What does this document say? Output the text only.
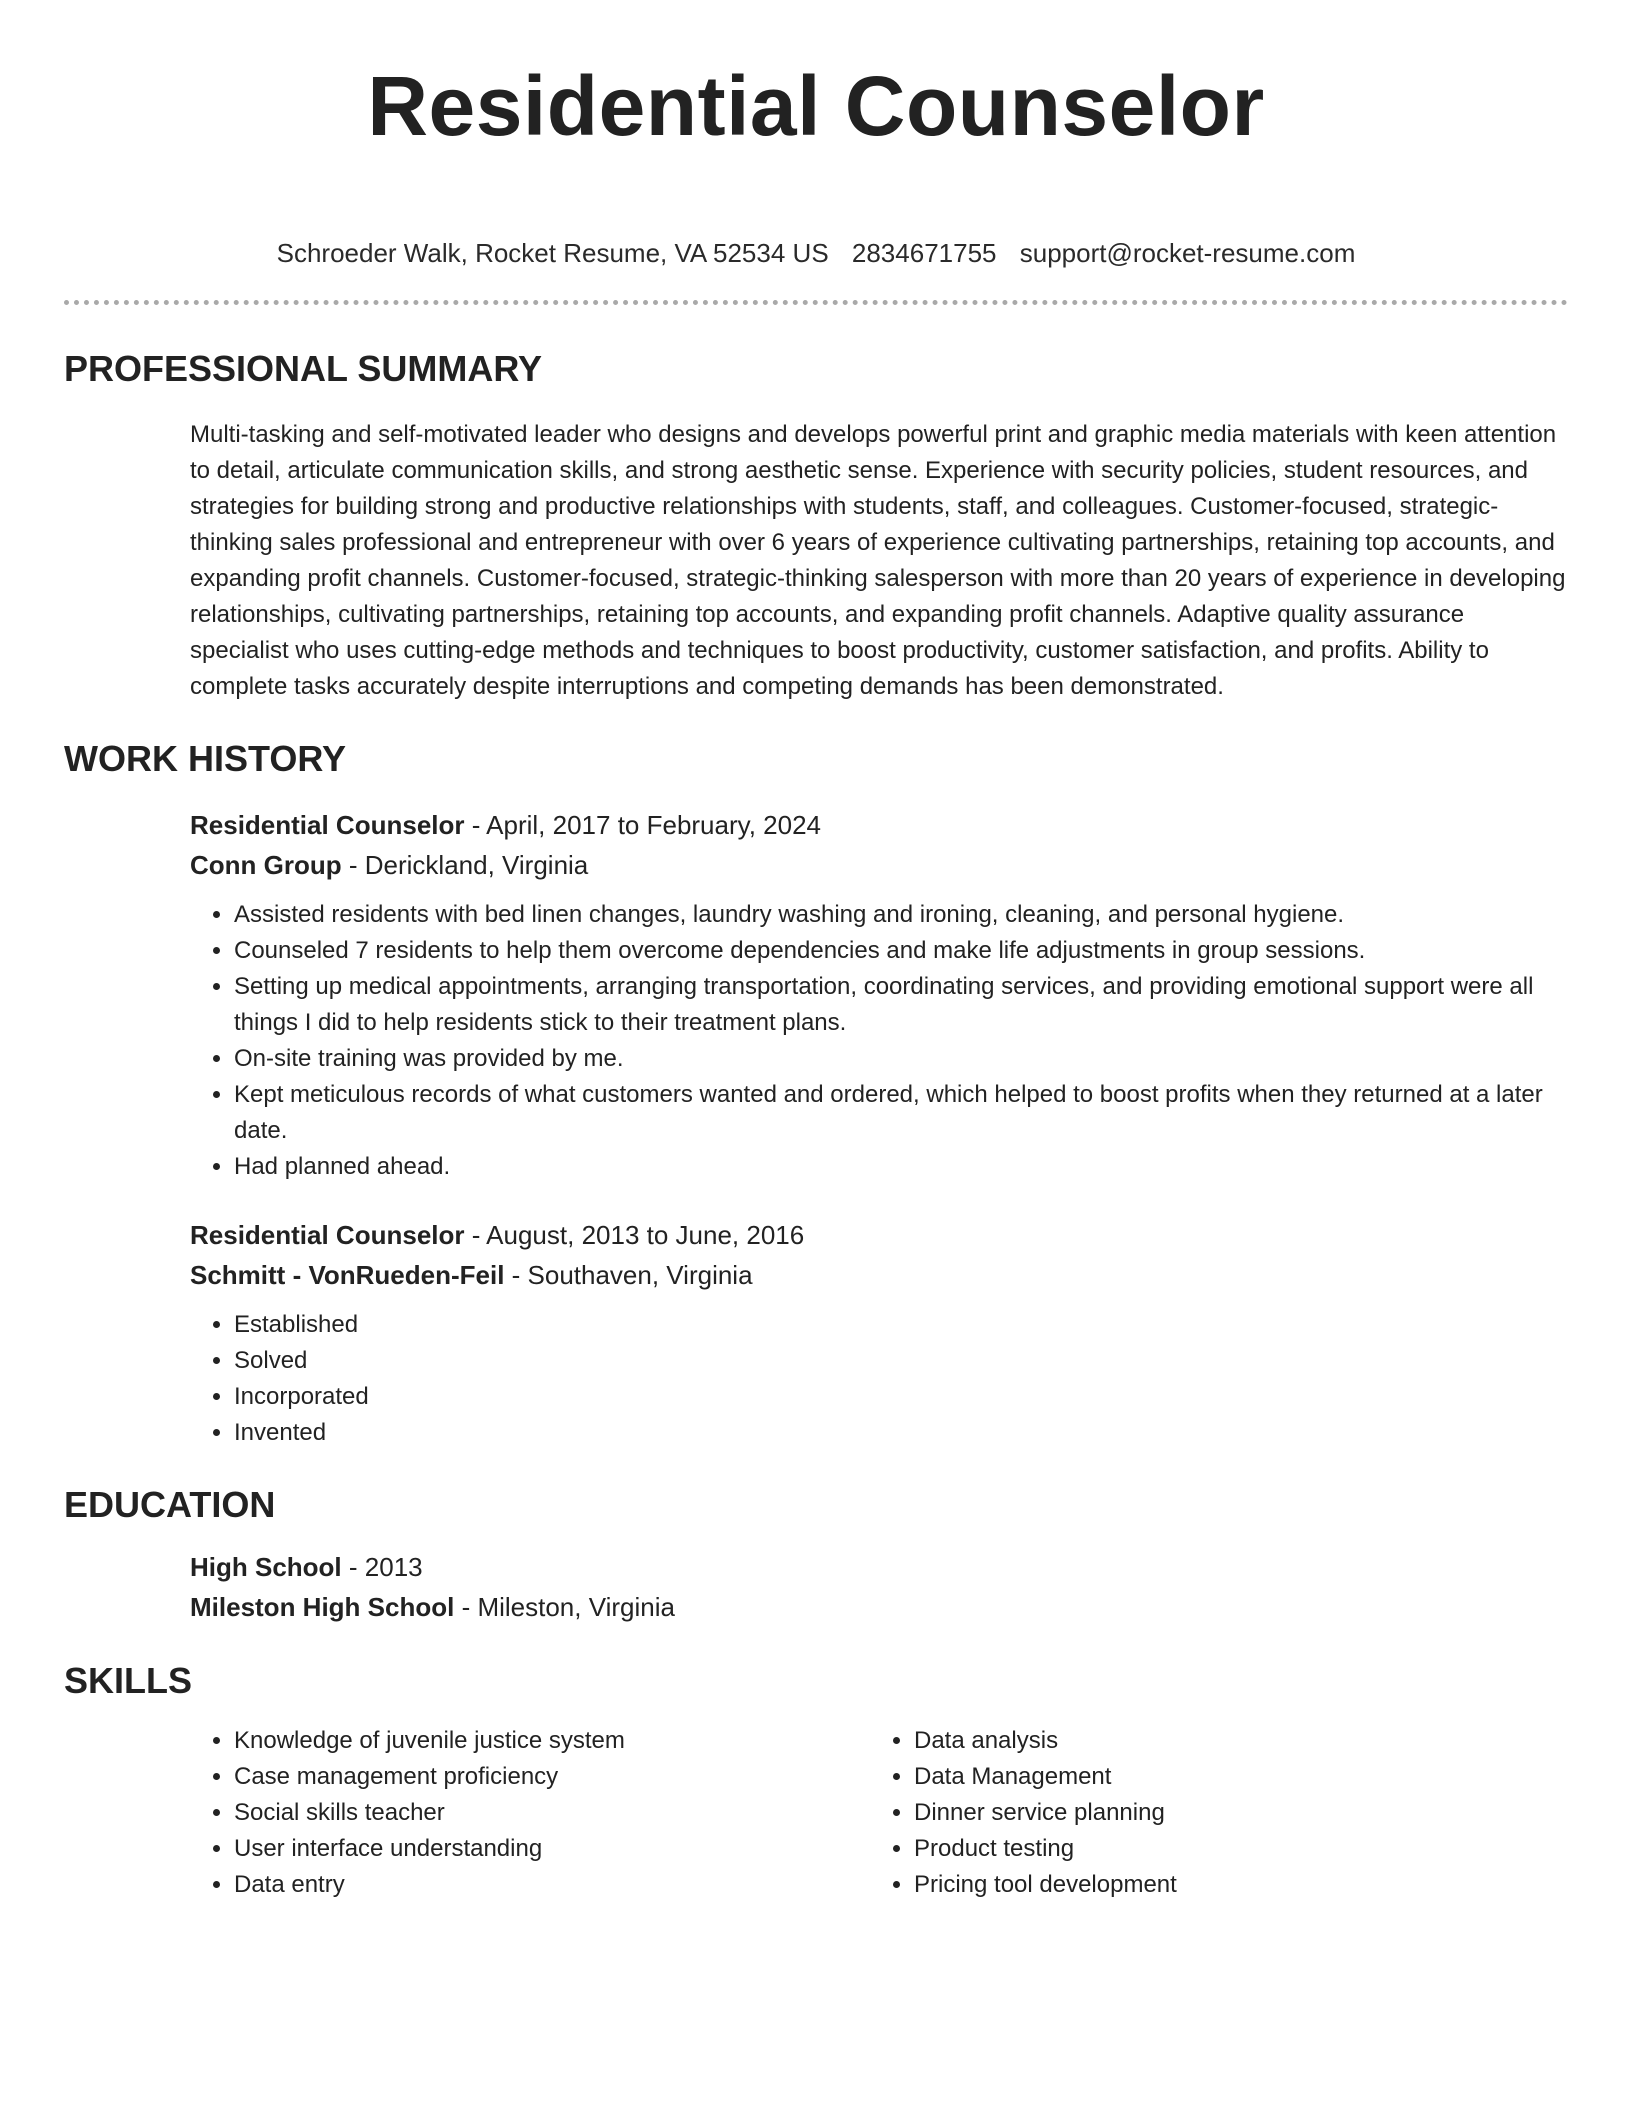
Residential Counselor
Schroeder Walk, Rocket Resume, VA 52534 US 2834671755 support@rocket-resume.com
PROFESSIONAL SUMMARY

Multi-tasking and self-motivated leader who designs and develops powerful print and graphic media materials with keen attention to detail, articulate communication skills, and strong aesthetic sense. Experience with security policies, student resources, and strategies for building strong and productive relationships with students, staff, and colleagues. Customer-focused, strategic-thinking sales professional and entrepreneur with over 6 years of experience cultivating partnerships, retaining top accounts, and expanding profit channels. Customer-focused, strategic-thinking salesperson with more than 20 years of experience in developing relationships, cultivating partnerships, retaining top accounts, and expanding profit channels. Adaptive quality assurance specialist who uses cutting-edge methods and techniques to boost productivity, customer satisfaction, and profits. Ability to complete tasks accurately despite interruptions and competing demands has been demonstrated.

WORK HISTORY
Residential Counselor - April, 2017 to February, 2024
Conn Group - Derickland, Virginia
• Assisted residents with bed linen changes, laundry washing and ironing, cleaning, and personal hygiene.
• Counseled 7 residents to help them overcome dependencies and make life adjustments in group sessions.
• Setting up medical appointments, arranging transportation, coordinating services, and providing emotional support were all things I did to help residents stick to their treatment plans.
• On-site training was provided by me.
• Kept meticulous records of what customers wanted and ordered, which helped to boost profits when they returned at a later date.
• Had planned ahead.
Residential Counselor - August, 2013 to June, 2016
Schmitt - VonRueden-Feil - Southaven, Virginia
• Established
• Solved
• Incorporated
• Invented
EDUCATION
High School - 2013
Mileston High School - Mileston, Virginia
SKILLS
• Knowledge of juvenile justice system
• Case management proficiency
• Social skills teacher
• User interface understanding
• Data entry
• Data analysis
• Data Management
• Dinner service planning
• Product testing
• Pricing tool development
